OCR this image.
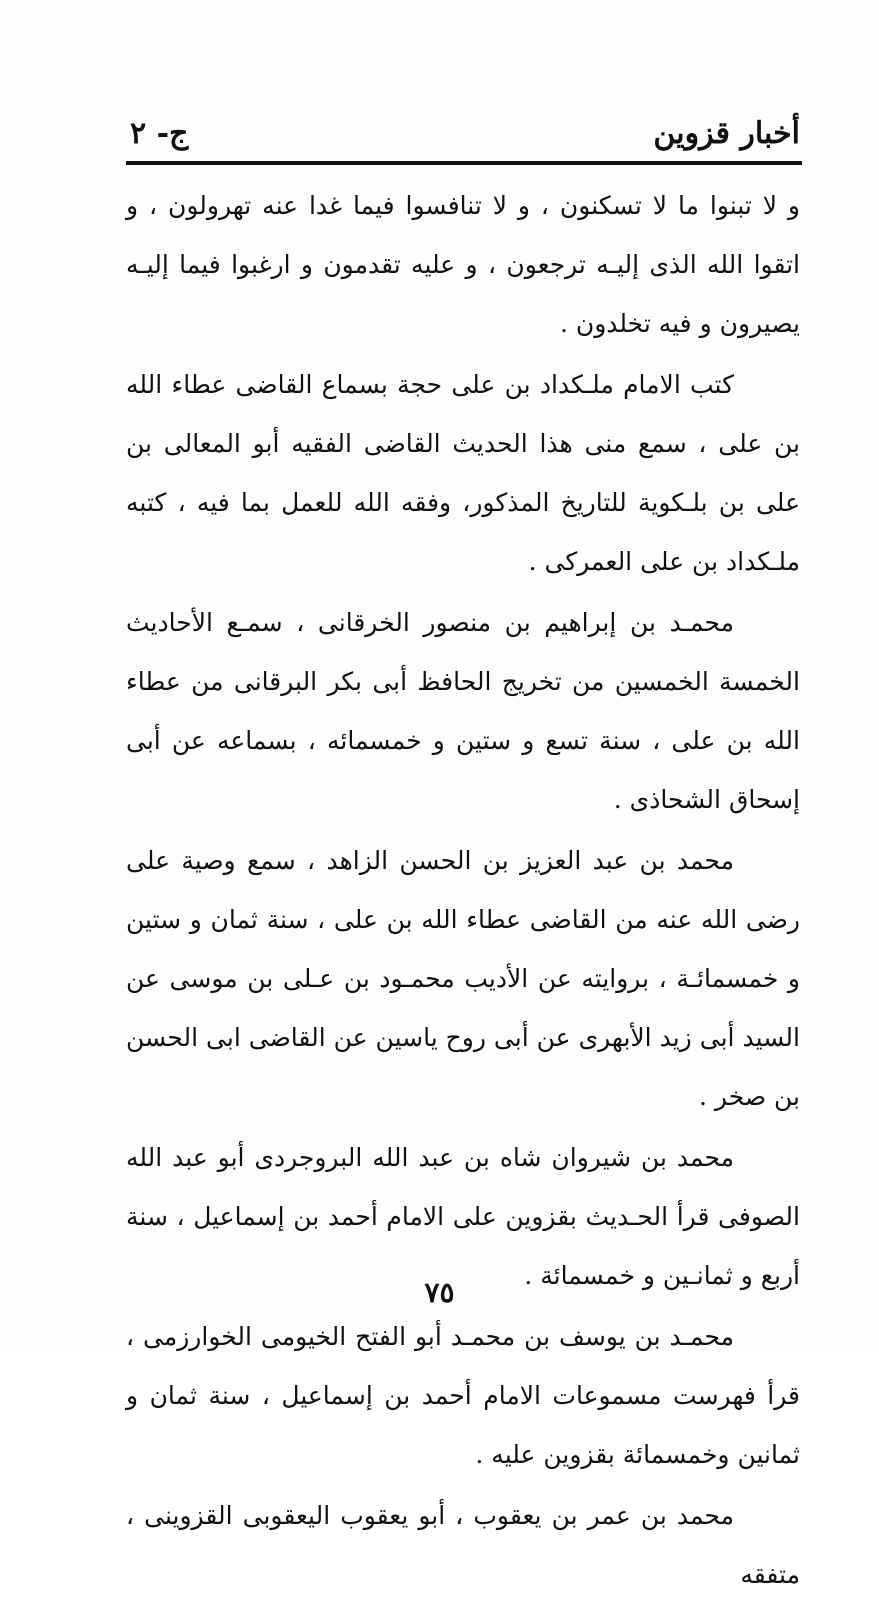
أخبار قزوين
ج- ٢

و لا تبنوا ما لا تسكنون ، و لا تنافسوا فيما غدا عنه تهرولون ، و اتقوا الله الذى إليـه ترجعون ، و عليه تقدمون و ارغبوا فيما إليـه يصيرون و فيه تخلدون .

كتب الامام ملـكداد بن على حجة بسماع القاضى عطاء الله بن على ، سمع منى هذا الحديث القاضى الفقيه أبو المعالى بن على بن بلـكوية للتاريخ المذكور، وفقه الله للعمل بما فيه ، كتبه ملـكداد بن على العمركى .

محمـد بن إبراهيم بن منصور الخرقانى ، سمـع الأحاديث الخمسة الخمسين من تخريج الحافظ أبى بكر البرقانى من عطاء الله بن على ، سنة تسع و ستين و خمسمائه ، بسماعه عن أبى إسحاق الشحاذى .

محمد بن عبد العزيز بن الحسن الزاهد ، سمع وصية على رضى الله عنه من القاضى عطاء الله بن على ، سنة ثمان و ستين و خمسمائـة ، بروايته عن الأديب محمـود بن عـلى بن موسى عن السيد أبى زيد الأبهرى عن أبى روح ياسين عن القاضى ابى الحسن بن صخر .

محمد بن شيروان شاه بن عبد الله البروجردى أبو عبد الله الصوفى قرأ الحـديث بقزوين على الامام أحمد بن إسماعيل ، سنة أربع و ثمانـين و خمسمائة .

محمـد بن يوسف بن محمـد أبو الفتح الخيومى الخوارزمى ، قرأ فهرست مسموعات الامام أحمد بن إسماعيل ، سنة ثمان و ثمانين وخمسمائة بقزوين عليه .

محمد بن عمر بن يعقوب ، أبو يعقوب اليعقوبى القزوينى ، متفقه

٧٥
